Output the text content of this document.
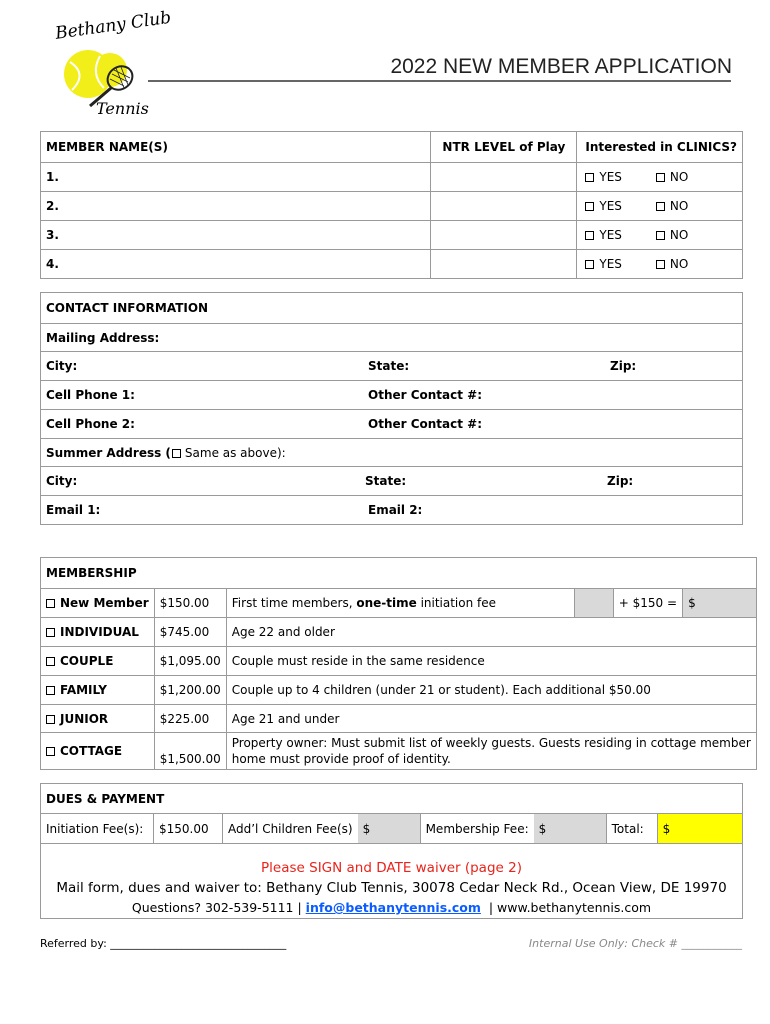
Bethany Club
Tennis
2022 NEW MEMBER APPLICATION
MEMBER NAME(S)	NTR LEVEL of Play	Interested in CLINICS?
1.		YES NO
2.		YES NO
3.		YES NO
4.		YES NO
CONTACT INFORMATION		
Mailing Address:		
City:	State:	Zip:
Cell Phone 1:	Other Contact #:	
Cell Phone 2:	Other Contact #:	
Summer Address ( Same as above):		
City:	State:	Zip:
Email 1:	Email 2:	
MEMBERSHIP					
New Member	$150.00	First time members, one-time initiation fee		+ $150 =	$
INDIVIDUAL	$745.00	Age 22 and older			
COUPLE	$1,095.00	Couple must reside in the same residence			
FAMILY	$1,200.00	Couple up to 4 children (under 21 or student). Each additional $50.00			
JUNIOR	$225.00	Age 21 and under			
COTTAGE	$1,500.00	Property owner: Must submit list of weekly guests. Guests residing in cottage member
home must provide proof of identity.			
DUES & PAYMENT
Initiation Fee(s):	$150.00	Add’l Children Fee(s)	$	Membership Fee:	$	Total:	$

Please SIGN and DATE waiver (page 2)
Mail form, dues and waiver to: Bethany Club Tennis, 30078 Cedar Neck Rd., Ocean View, DE 19970
Questions? 302-539-5111 | info@bethanytennis.com | www.bethanytennis.com
Referred by: ________________________________	Internal Use Only: Check # ___________
